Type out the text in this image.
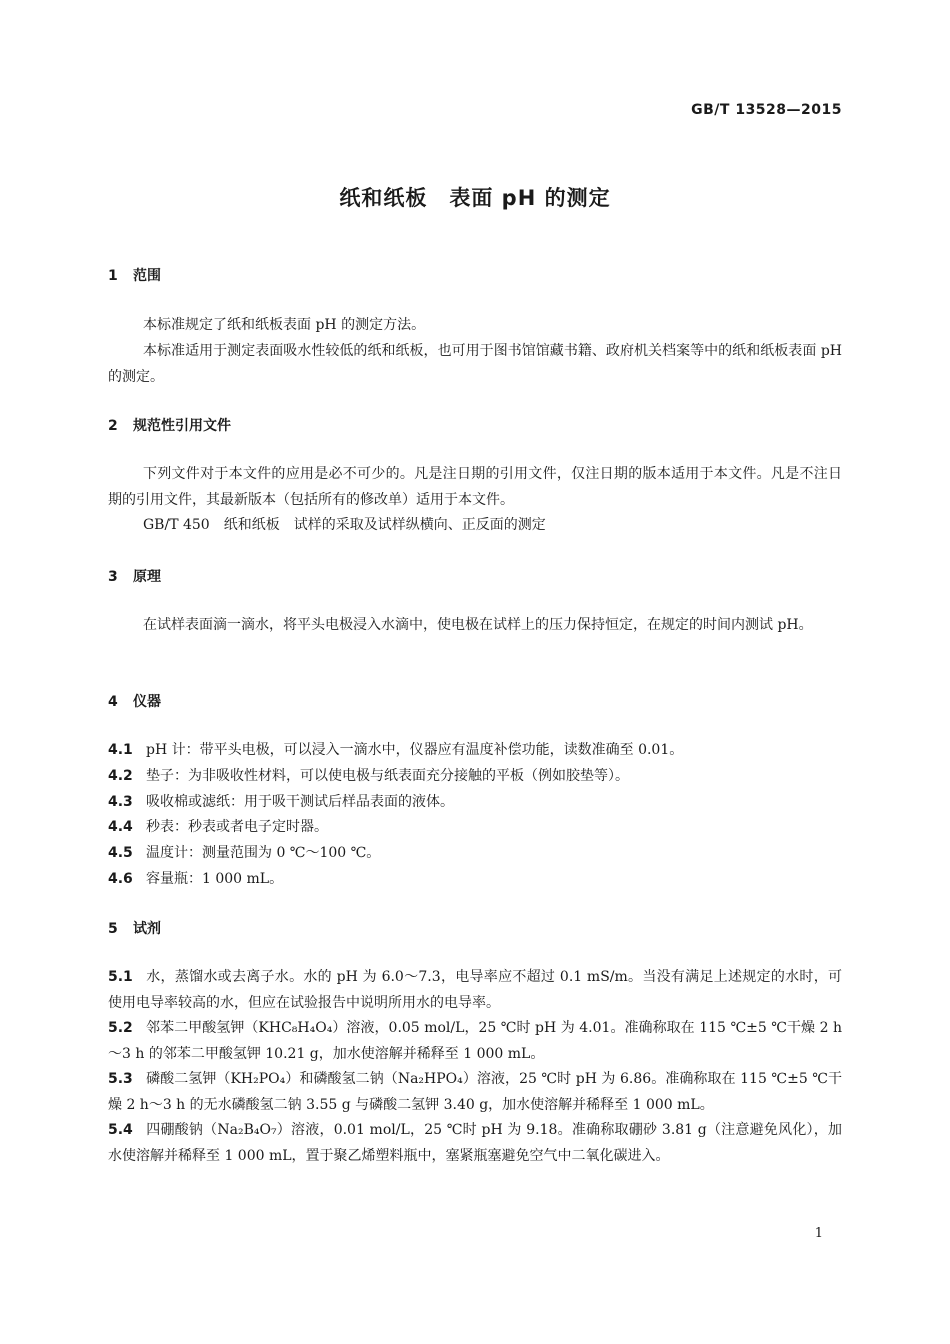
GB/T 13528—2015
纸和纸板　表面 pH 的测定
1 范围
本标准规定了纸和纸板表面 pH 的测定方法。
本标准适用于测定表面吸水性较低的纸和纸板，也可用于图书馆馆藏书籍、政府机关档案等中的纸和纸板表面 pH 的测定。
2 规范性引用文件
下列文件对于本文件的应用是必不可少的。凡是注日期的引用文件，仅注日期的版本适用于本文件。凡是不注日期的引用文件，其最新版本（包括所有的修改单）适用于本文件。
GB/T 450　纸和纸板　试样的采取及试样纵横向、正反面的测定
3 原理
在试样表面滴一滴水，将平头电极浸入水滴中，使电极在试样上的压力保持恒定，在规定的时间内测试 pH。
4 仪器
4.1 pH 计：带平头电极，可以浸入一滴水中，仪器应有温度补偿功能，读数准确至 0.01。
4.2 垫子：为非吸收性材料，可以使电极与纸表面充分接触的平板（例如胶垫等）。
4.3 吸收棉或滤纸：用于吸干测试后样品表面的液体。
4.4 秒表：秒表或者电子定时器。
4.5 温度计：测量范围为 0 ℃～100 ℃。
4.6 容量瓶：1 000 mL。
5 试剂
5.1 水，蒸馏水或去离子水。水的 pH 为 6.0～7.3，电导率应不超过 0.1 mS/m。当没有满足上述规定的水时，可使用电导率较高的水，但应在试验报告中说明所用水的电导率。
5.2 邻苯二甲酸氢钾（KHC₈H₄O₄）溶液，0.05 mol/L，25 ℃时 pH 为 4.01。准确称取在 115 ℃±5 ℃干燥 2 h～3 h 的邻苯二甲酸氢钾 10.21 g，加水使溶解并稀释至 1 000 mL。
5.3 磷酸二氢钾（KH₂PO₄）和磷酸氢二钠（Na₂HPO₄）溶液，25 ℃时 pH 为 6.86。准确称取在 115 ℃±5 ℃干燥 2 h～3 h 的无水磷酸氢二钠 3.55 g 与磷酸二氢钾 3.40 g，加水使溶解并稀释至 1 000 mL。
5.4 四硼酸钠（Na₂B₄O₇）溶液，0.01 mol/L，25 ℃时 pH 为 9.18。准确称取硼砂 3.81 g（注意避免风化），加水使溶解并稀释至 1 000 mL，置于聚乙烯塑料瓶中，塞紧瓶塞避免空气中二氧化碳进入。
1
